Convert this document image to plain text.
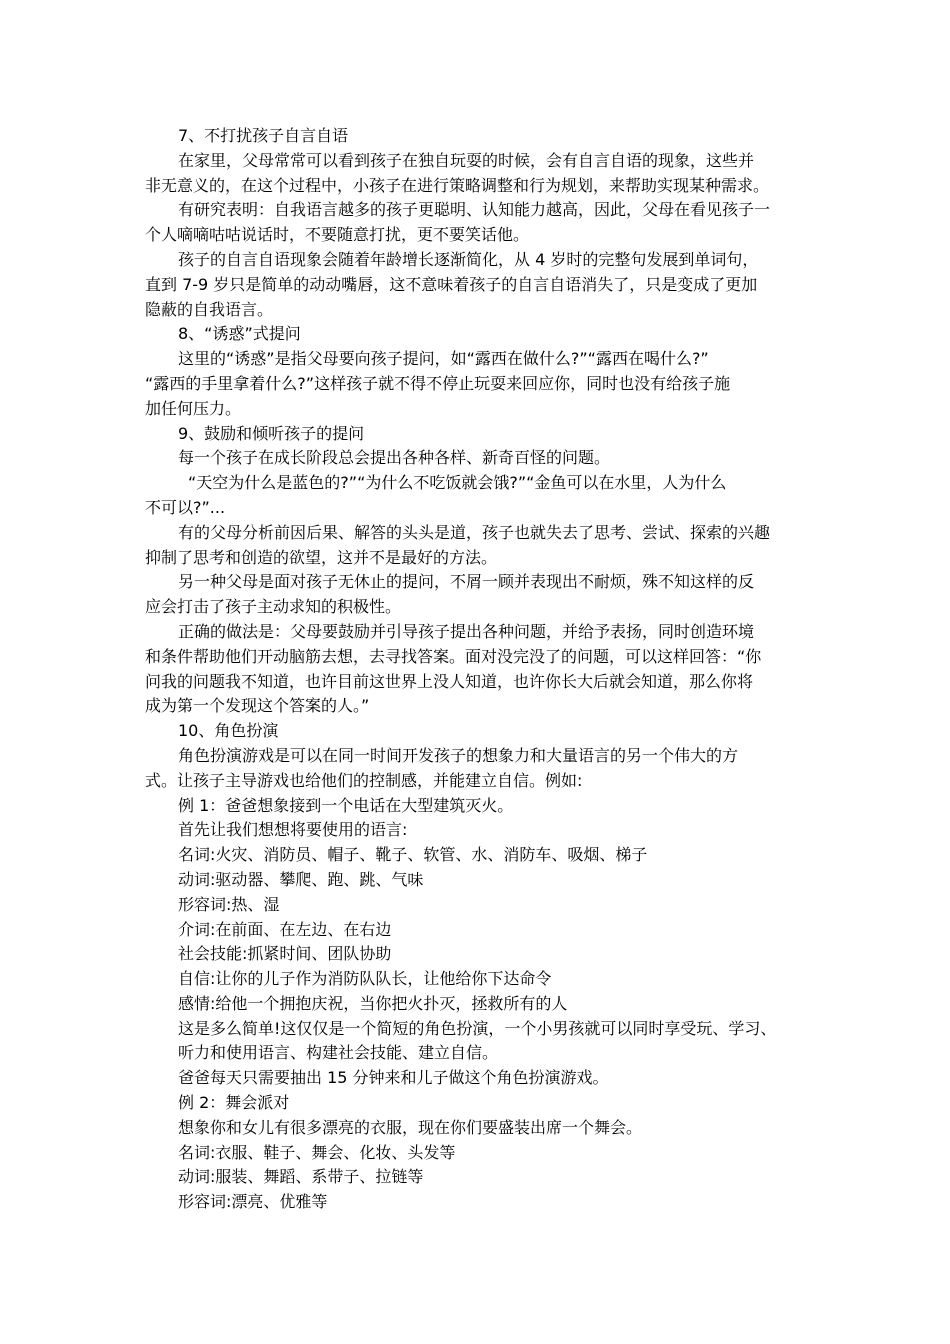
7、不打扰孩子自言自语
在家里，父母常常可以看到孩子在独自玩耍的时候，会有自言自语的现象，这些并
非无意义的，在这个过程中，小孩子在进行策略调整和行为规划，来帮助实现某种需求。
有研究表明：自我语言越多的孩子更聪明、认知能力越高，因此，父母在看见孩子一
个人嘀嘀咕咕说话时，不要随意打扰，更不要笑话他。
孩子的自言自语现象会随着年龄增长逐渐简化，从 4 岁时的完整句发展到单词句，
直到 7-9 岁只是简单的动动嘴唇，这不意味着孩子的自言自语消失了，只是变成了更加
隐蔽的自我语言。
8、“诱惑”式提问
这里的“诱惑”是指父母要向孩子提问，如“露西在做什么?”“露西在喝什么?”
“露西的手里拿着什么?”这样孩子就不得不停止玩耍来回应你，同时也没有给孩子施
加任何压力。
9、鼓励和倾听孩子的提问
每一个孩子在成长阶段总会提出各种各样、新奇百怪的问题。
“天空为什么是蓝色的?”“为什么不吃饭就会饿?”“金鱼可以在水里，人为什么
不可以?”...
有的父母分析前因后果、解答的头头是道，孩子也就失去了思考、尝试、探索的兴趣
抑制了思考和创造的欲望，这并不是最好的方法。
另一种父母是面对孩子无休止的提问，不屑一顾并表现出不耐烦，殊不知这样的反
应会打击了孩子主动求知的积极性。
正确的做法是：父母要鼓励并引导孩子提出各种问题，并给予表扬，同时创造环境
和条件帮助他们开动脑筋去想，去寻找答案。面对没完没了的问题，可以这样回答：“你
问我的问题我不知道，也许目前这世界上没人知道，也许你长大后就会知道，那么你将
成为第一个发现这个答案的人。”
10、角色扮演
角色扮演游戏是可以在同一时间开发孩子的想象力和大量语言的另一个伟大的方
式。让孩子主导游戏也给他们的控制感，并能建立自信。例如:
例 1：爸爸想象接到一个电话在大型建筑灭火。
首先让我们想想将要使用的语言:
名词:火灾、消防员、帽子、靴子、软管、水、消防车、吸烟、梯子
动词:驱动器、攀爬、跑、跳、气味
形容词:热、湿
介词:在前面、在左边、在右边
社会技能:抓紧时间、团队协助
自信:让你的儿子作为消防队队长，让他给你下达命令
感情:给他一个拥抱庆祝，当你把火扑灭，拯救所有的人
这是多么简单!这仅仅是一个简短的角色扮演，一个小男孩就可以同时享受玩、学习、
听力和使用语言、构建社会技能、建立自信。
爸爸每天只需要抽出 15 分钟来和儿子做这个角色扮演游戏。
例 2：舞会派对
想象你和女儿有很多漂亮的衣服，现在你们要盛装出席一个舞会。
名词:衣服、鞋子、舞会、化妆、头发等
动词:服装、舞蹈、系带子、拉链等
形容词:漂亮、优雅等
